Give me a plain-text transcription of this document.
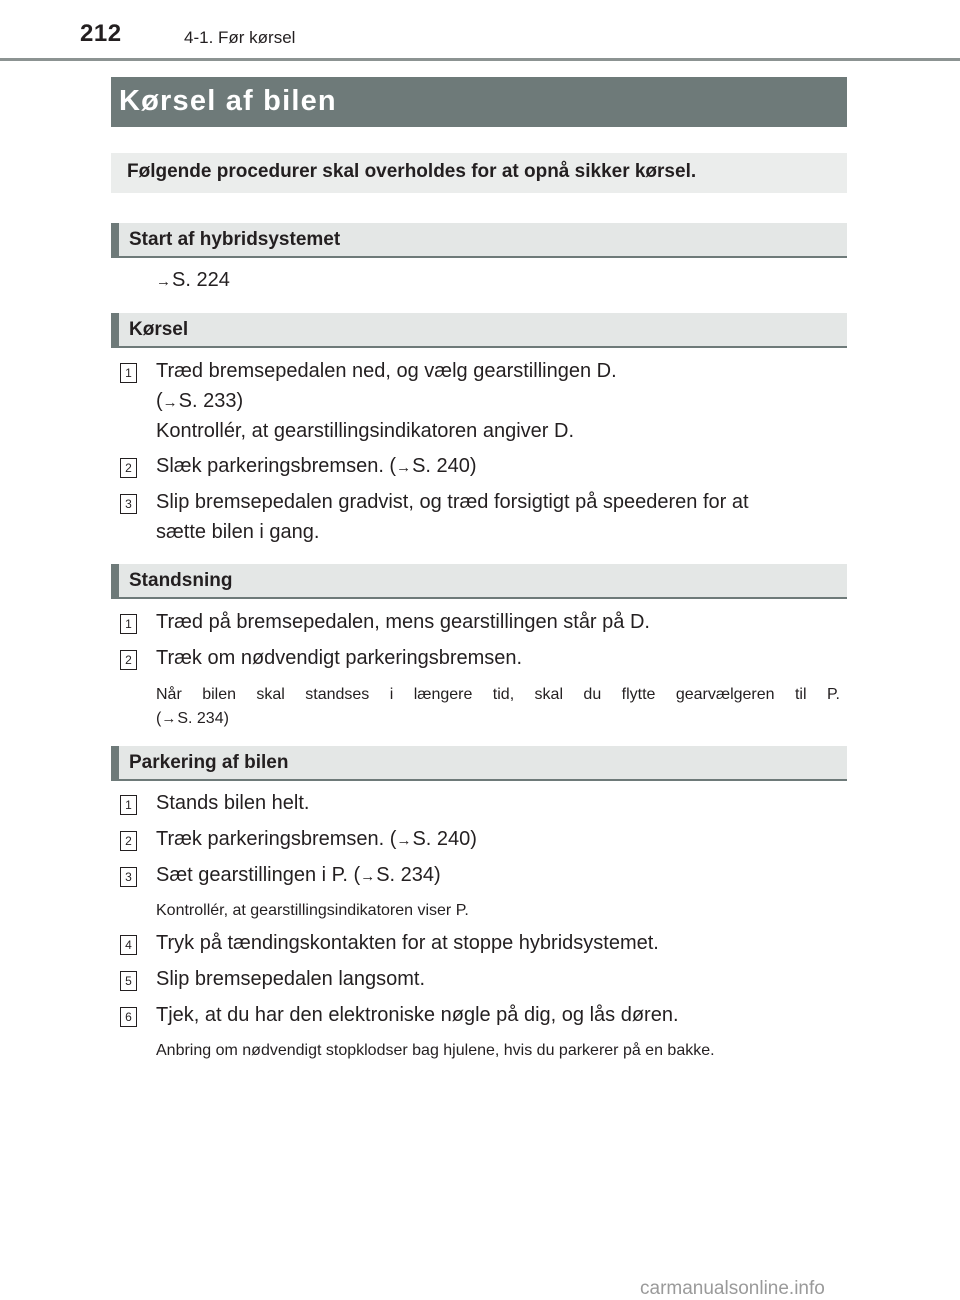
212	4-1. Før kørsel
Kørsel af bilen
Følgende procedurer skal overholdes for at opnå sikker kørsel.
Start af hybridsystemet
→S. 224
Kørsel
1 Træd bremsepedalen ned, og vælg gearstillingen D.
(→S. 233)
Kontrollér, at gearstillingsindikatoren angiver D.
2 Slæk parkeringsbremsen. (→S. 240)
3 Slip bremsepedalen gradvist, og træd forsigtigt på speederen for at
sætte bilen i gang.
Standsning
1 Træd på bremsepedalen, mens gearstillingen står på D.
2 Træk om nødvendigt parkeringsbremsen.
Når bilen skal standses i længere tid, skal du flytte gearvælgeren til P.
(→S. 234)
Parkering af bilen
1 Stands bilen helt.
2 Træk parkeringsbremsen. (→S. 240)
3 Sæt gearstillingen i P. (→S. 234)
Kontrollér, at gearstillingsindikatoren viser P.
4 Tryk på tændingskontakten for at stoppe hybridsystemet.
5 Slip bremsepedalen langsomt.
6 Tjek, at du har den elektroniske nøgle på dig, og lås døren.
Anbring om nødvendigt stopklodser bag hjulene, hvis du parkerer på en bakke.
carmanualsonline.info
